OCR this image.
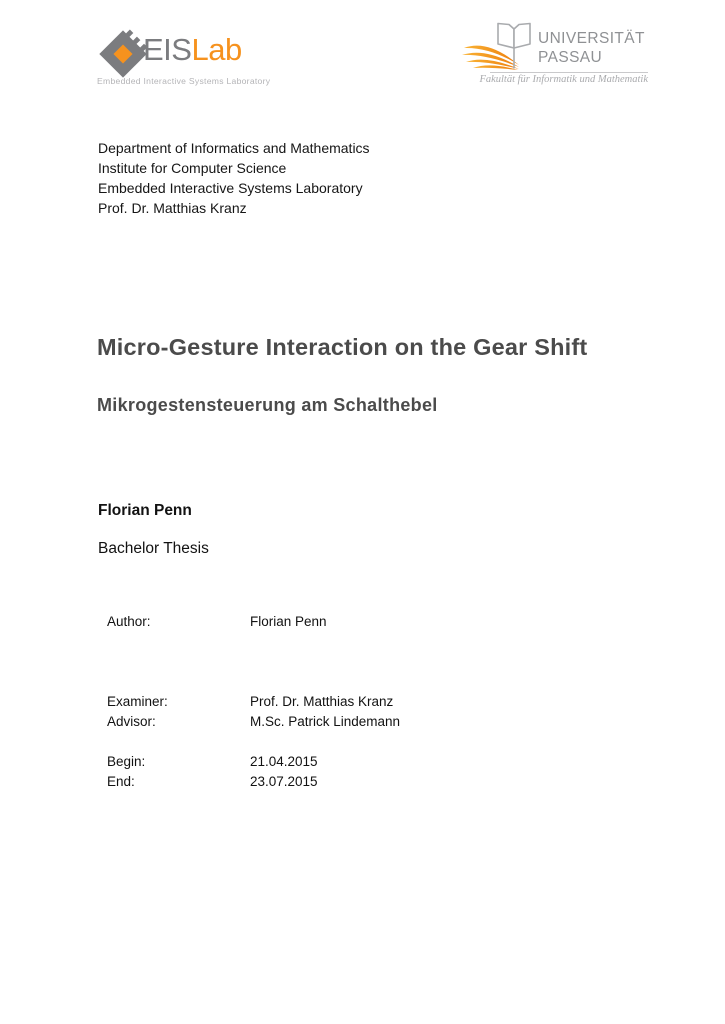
EISLab
Embedded Interactive Systems Laboratory
UNIVERSITÄT
PASSAU
Fakultät für Informatik und Mathematik
Department of Informatics and Mathematics
Institute for Computer Science
Embedded Interactive Systems Laboratory
Prof. Dr. Matthias Kranz
Micro-Gesture Interaction on the Gear Shift
Mikrogestensteuerung am Schalthebel
Florian Penn
Bachelor Thesis
Author:	Florian Penn
Examiner:	Prof. Dr. Matthias Kranz
Advisor:	M.Sc. Patrick Lindemann
Begin:	21.04.2015
End:	23.07.2015
